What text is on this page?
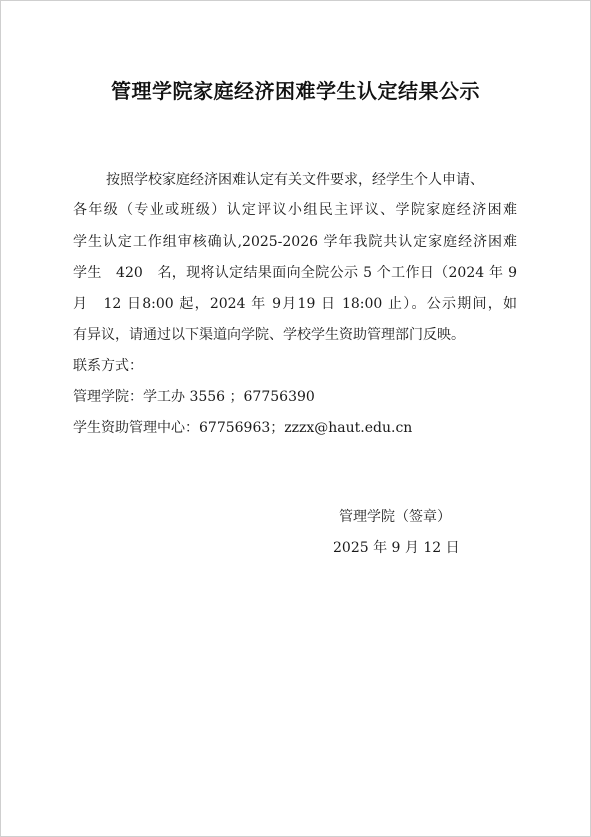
管理学院家庭经济困难学生认定结果公示
按照学校家庭经济困难认定有关文件要求，经学生个人申请、
各年级（专业或班级）认定评议小组民主评议、学院家庭经济困难
学生认定工作组审核确认,2025-2026 学年我院共认定家庭经济困难
学生　420　名，现将认定结果面向全院公示 5 个工作日（2024 年 9
月　12 日8:00 起，2024 年 9月19 日 18:00 止）。公示期间，如
有异议，请通过以下渠道向学院、学校学生资助管理部门反映。
联系方式：
管理学院：学工办 3556 ；67756390
学生资助管理中心：67756963；zzzx@haut.edu.cn
管理学院（签章）
2025 年 9 月 12 日
